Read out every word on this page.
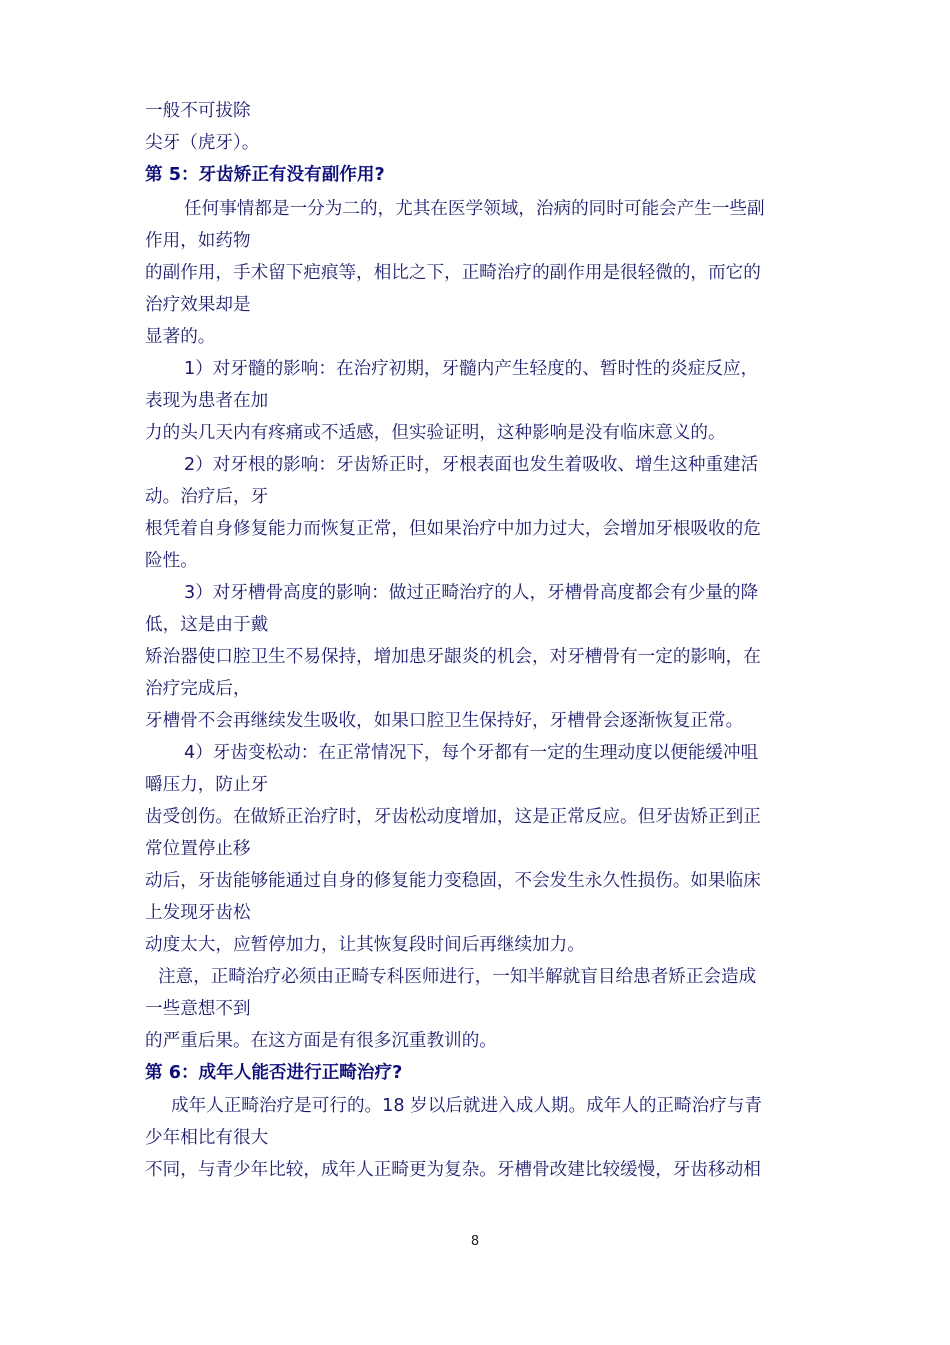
一般不可拔除
尖牙（虎牙）。
第 5：牙齿矫正有没有副作用?
任何事情都是一分为二的，尤其在医学领域，治病的同时可能会产生一些副
作用，如药物
的副作用，手术留下疤痕等，相比之下，正畸治疗的副作用是很轻微的，而它的
治疗效果却是
显著的。
1）对牙髓的影响：在治疗初期，牙髓内产生轻度的、暂时性的炎症反应，
表现为患者在加
力的头几天内有疼痛或不适感，但实验证明，这种影响是没有临床意义的。
2）对牙根的影响：牙齿矫正时，牙根表面也发生着吸收、增生这种重建活
动。治疗后，牙
根凭着自身修复能力而恢复正常，但如果治疗中加力过大，会增加牙根吸收的危
险性。
3）对牙槽骨高度的影响：做过正畸治疗的人，牙槽骨高度都会有少量的降
低，这是由于戴
矫治器使口腔卫生不易保持，增加患牙龈炎的机会，对牙槽骨有一定的影响，在
治疗完成后，
牙槽骨不会再继续发生吸收，如果口腔卫生保持好，牙槽骨会逐渐恢复正常。
4）牙齿变松动：在正常情况下，每个牙都有一定的生理动度以便能缓冲咀
嚼压力，防止牙
齿受创伤。在做矫正治疗时，牙齿松动度增加，这是正常反应。但牙齿矫正到正
常位置停止移
动后，牙齿能够能通过自身的修复能力变稳固，不会发生永久性损伤。如果临床
上发现牙齿松
动度太大，应暂停加力，让其恢复段时间后再继续加力。
注意，正畸治疗必须由正畸专科医师进行，一知半解就盲目给患者矫正会造成
一些意想不到
的严重后果。在这方面是有很多沉重教训的。
第 6：成年人能否进行正畸治疗?
成年人正畸治疗是可行的。18 岁以后就进入成人期。成年人的正畸治疗与青
少年相比有很大
不同，与青少年比较，成年人正畸更为复杂。牙槽骨改建比较缓慢，牙齿移动相
8
